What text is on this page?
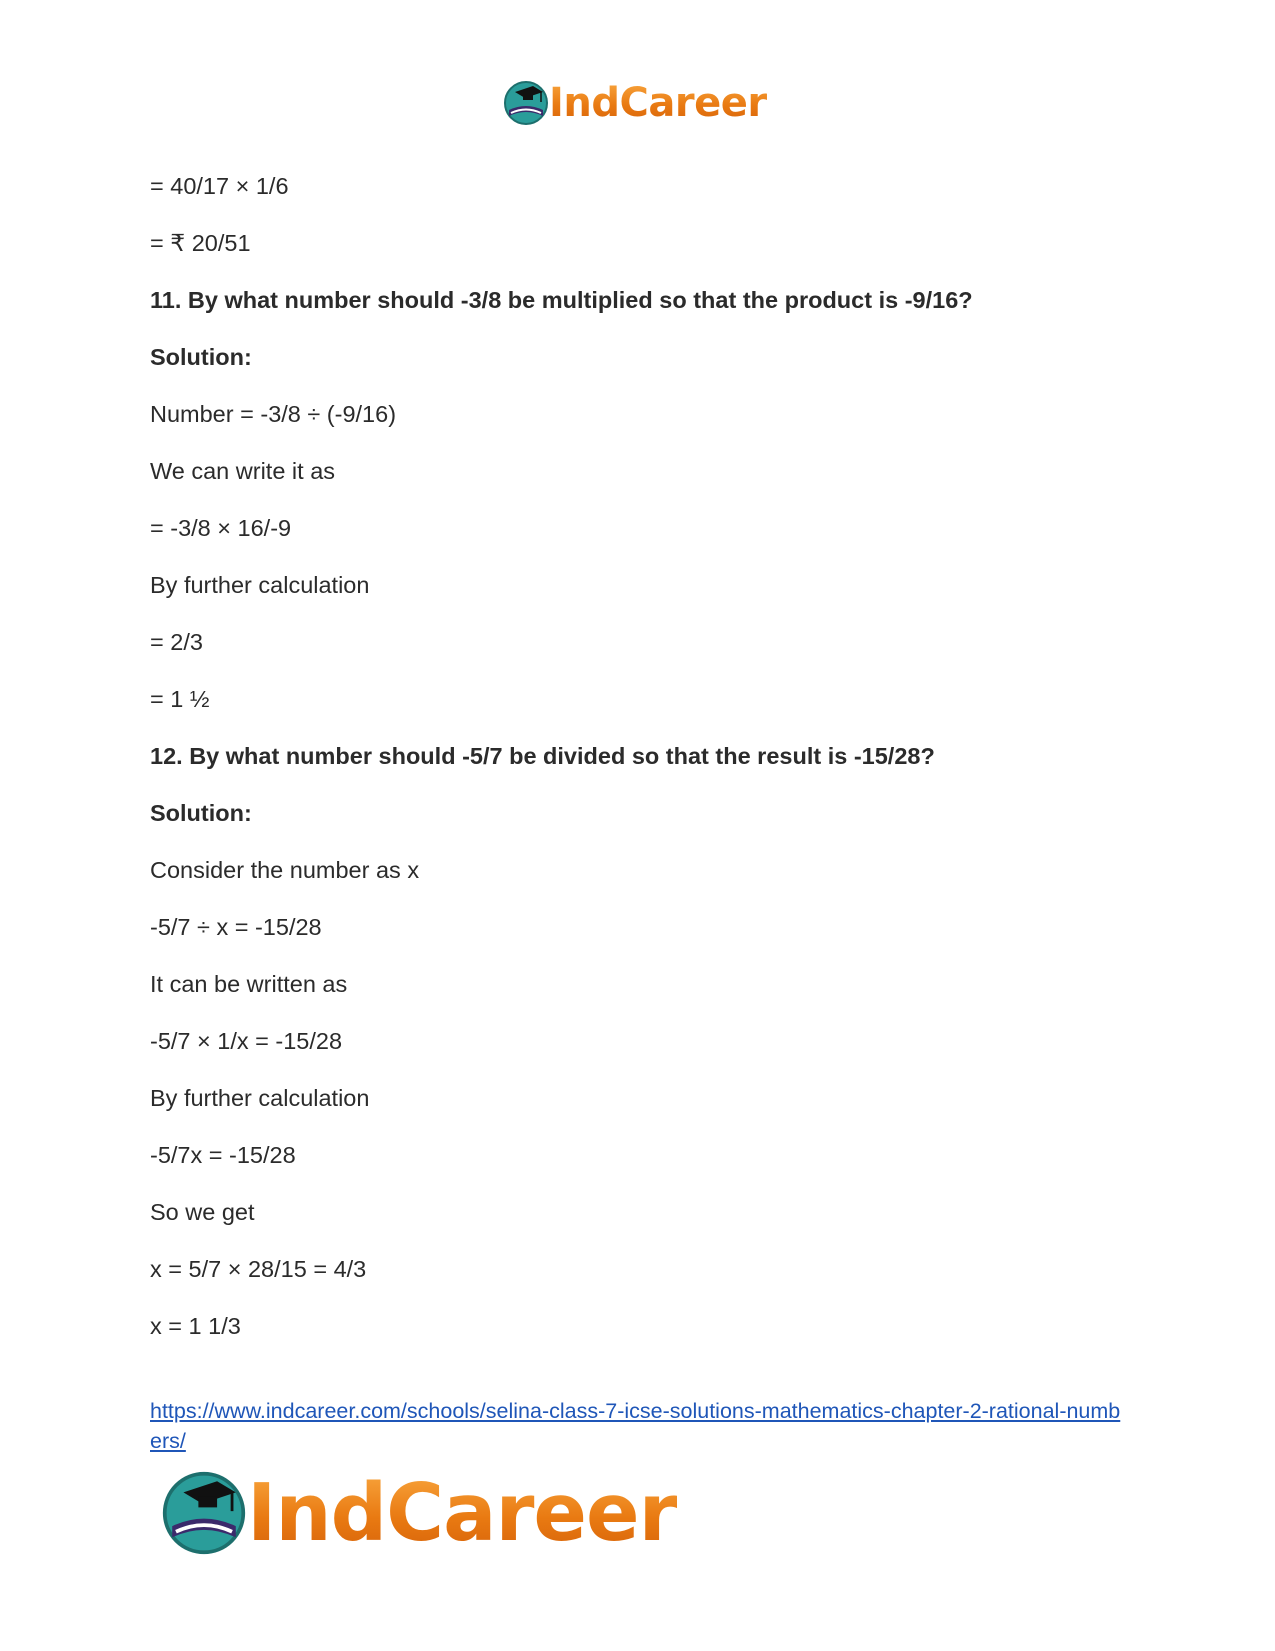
IndCareer
= 40/17 × 1/6
= ₹ 20/51
11. By what number should -3/8 be multiplied so that the product is -9/16?
Solution:
Number = -3/8 ÷ (-9/16)
We can write it as
= -3/8 × 16/-9
By further calculation
= 2/3
= 1 ½
12. By what number should -5/7 be divided so that the result is -15/28?
Solution:
Consider the number as x
-5/7 ÷ x = -15/28
It can be written as
-5/7 × 1/x = -15/28
By further calculation
-5/7x = -15/28
So we get
x = 5/7 × 28/15 = 4/3
x = 1 1/3
https://www.indcareer.com/schools/selina-class-7-icse-solutions-mathematics-chapter-2-rational-numbers/
IndCareer
